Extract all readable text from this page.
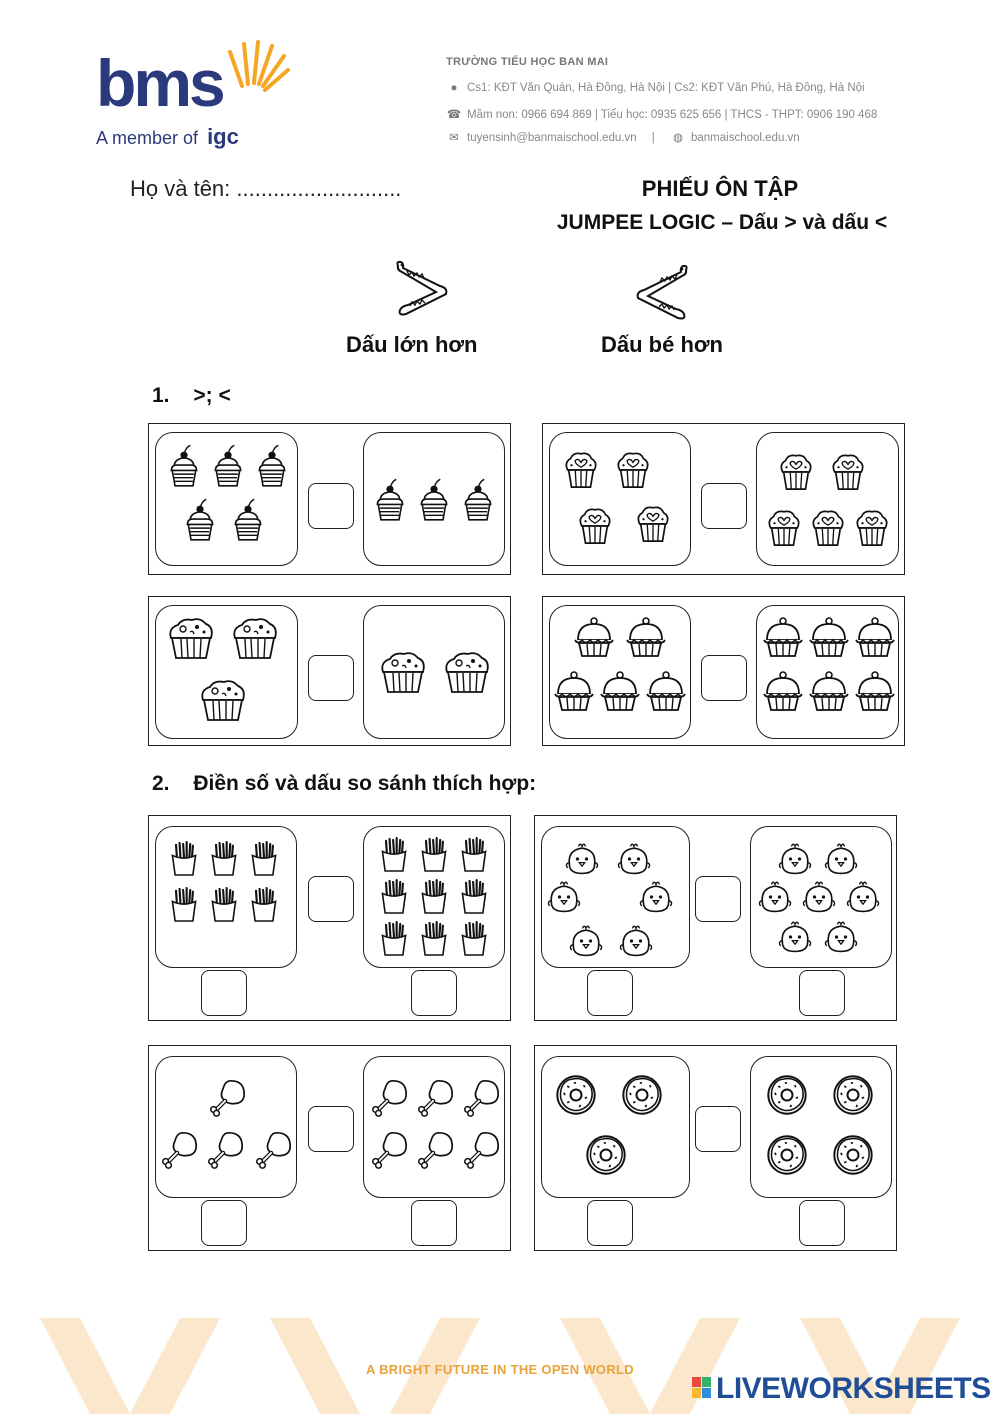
bms
A member of igc
TRƯỜNG TIỂU HỌC BAN MAI
● Cs1: KĐT Văn Quán, Hà Đông, Hà Nội | Cs2: KĐT Văn Phú, Hà Đông, Hà Nội
☎ Mầm non: 0966 694 869 | Tiểu học: 0935 625 656 | THCS - THPT: 0906 190 468
✉ tuyensinh@banmaischool.edu.vn | ◍ banmaischool.edu.vn
Họ và tên: ...........................	PHIẾU ÔN TẬP
JUMPEE LOGIC – Dấu > và dấu <
Dấu lớn hơn	Dấu bé hơn
1. >; <
2. Điền số và dấu so sánh thích hợp:
A BRIGHT FUTURE IN THE OPEN WORLD
LIVEWORKSHEETS
